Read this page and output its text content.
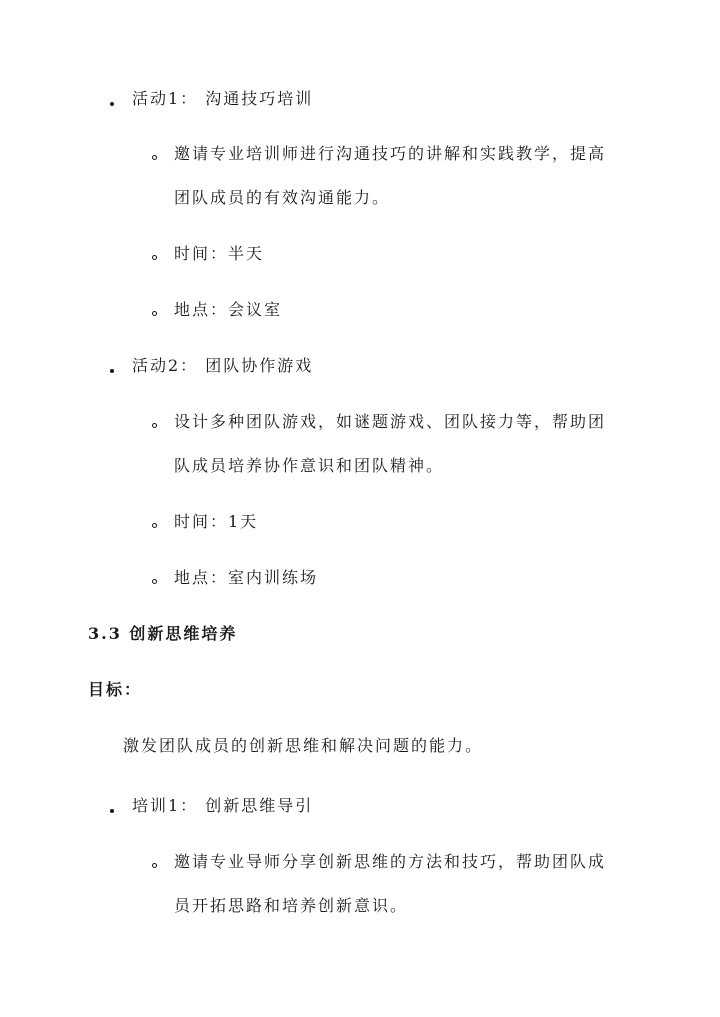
活动1： 沟通技巧培训
邀请专业培训师进行沟通技巧的讲解和实践教学，提高
团队成员的有效沟通能力。
时间：半天
地点：会议室
活动2： 团队协作游戏
设计多种团队游戏，如谜题游戏、团队接力等，帮助团
队成员培养协作意识和团队精神。
时间：1天
地点：室内训练场
3.3 创新思维培养
目标：
激发团队成员的创新思维和解决问题的能力。
培训1： 创新思维导引
邀请专业导师分享创新思维的方法和技巧，帮助团队成
员开拓思路和培养创新意识。
